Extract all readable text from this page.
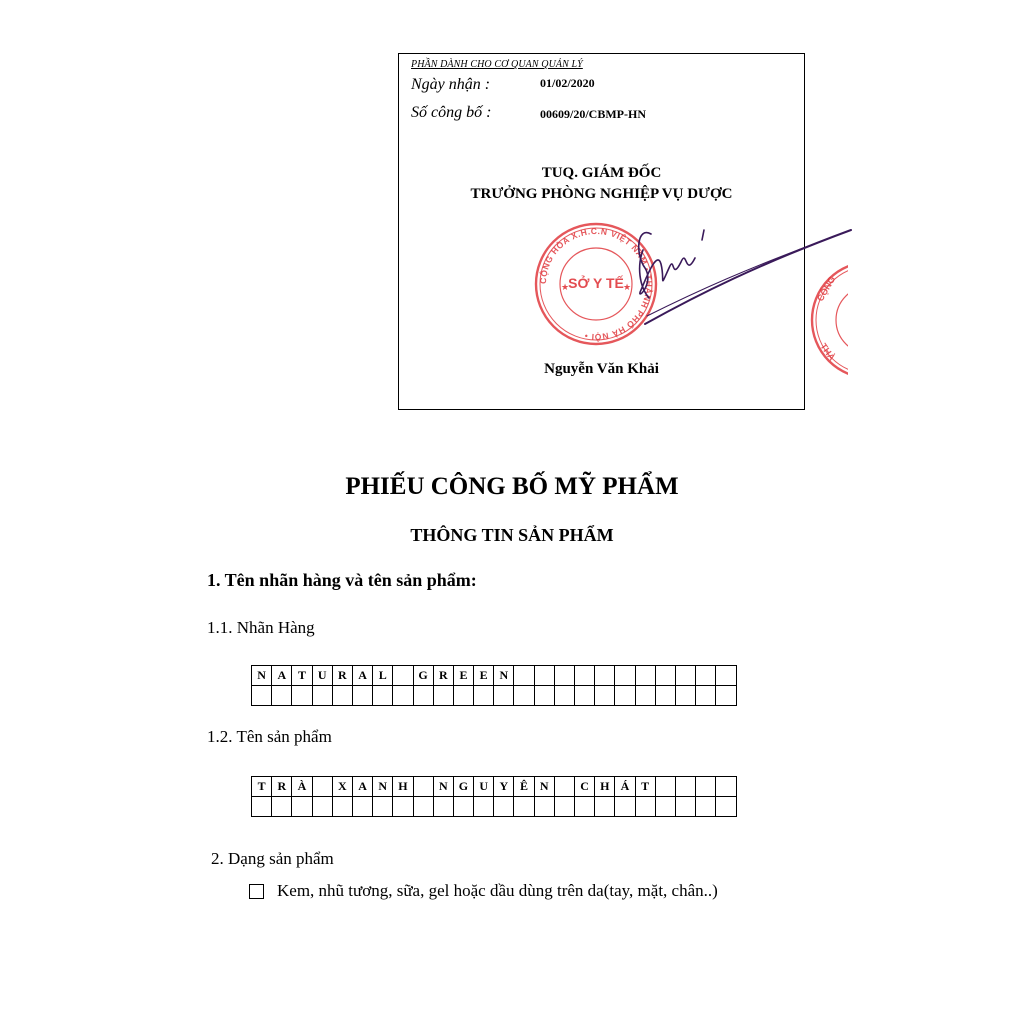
PHẦN DÀNH CHO CƠ QUAN QUẢN LÝ
Ngày nhận :	01/02/2020
Số công bố :	00609/20/CBMP-HN
TUQ. GIÁM ĐỐC
TRƯỞNG PHÒNG NGHIỆP VỤ DƯỢC
CỘNG HÒA X.H.C.N VIỆT NAM • THÀNH PHỐ HÀ NỘI •
SỞ Y TẾ
★	★
Nguyễn Văn Khải
CỘNG
THÀ
PHIẾU CÔNG BỐ MỸ PHẨM
THÔNG TIN SẢN PHẨM
1. Tên nhãn hàng và tên sản phẩm:
1.1. Nhãn Hàng
N	A	T	U	R	A	L		G	R	E	E	N											

1.2. Tên sản phẩm
T	R	À		X	A	N	H		N	G	U	Y	Ê	N		C	H	Á	T				

2. Dạng sản phẩm
Kem, nhũ tương, sữa, gel hoặc dầu dùng trên da(tay, mặt, chân..)
